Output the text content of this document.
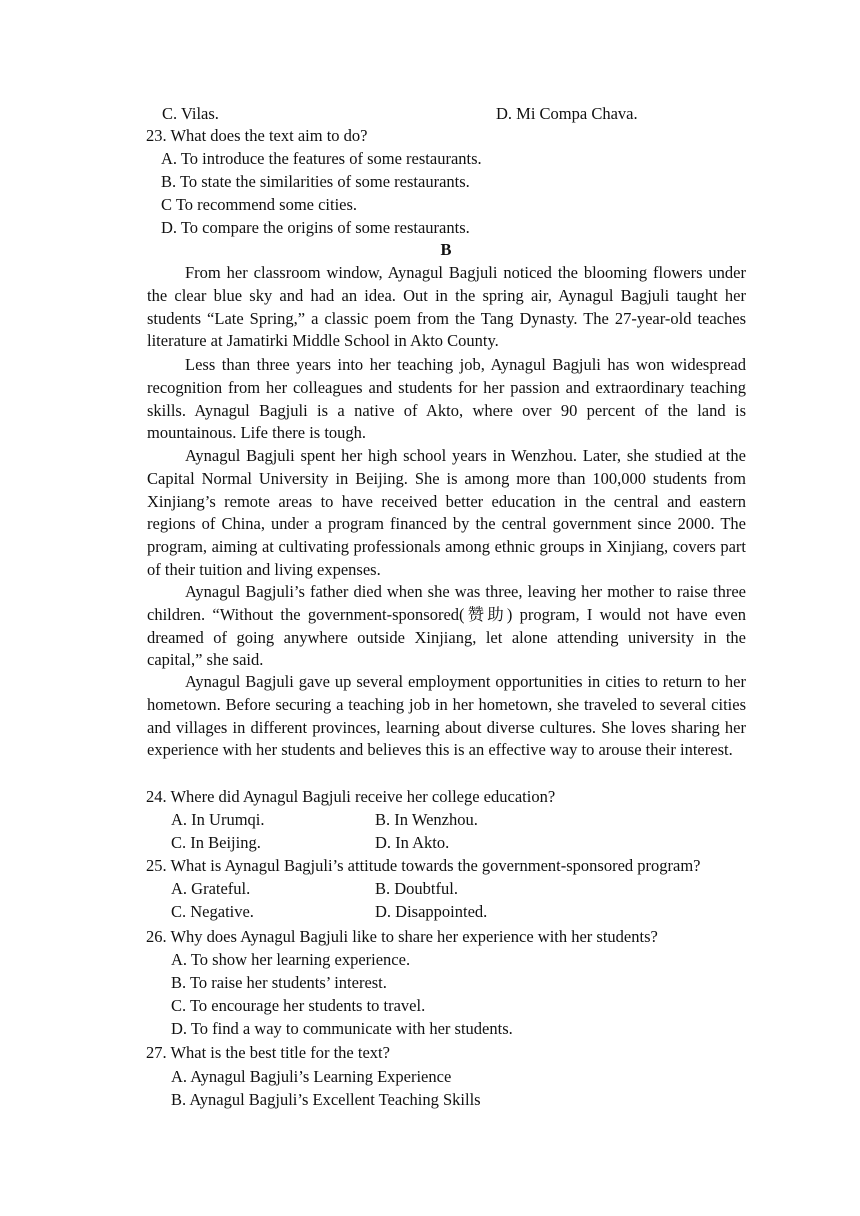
C. Vilas.	D. Mi Compa Chava.
23. What does the text aim to do?
A. To introduce the features of some restaurants.
B. To state the similarities of some restaurants.
C To recommend some cities.
D. To compare the origins of some restaurants.
B

From her classroom window, Aynagul Bagjuli noticed the blooming flowers under the clear blue sky and had an idea. Out in the spring air, Aynagul Bagjuli taught her students “Late Spring,” a classic poem from the Tang Dynasty. The 27-year-old teaches literature at Jamatirki Middle School in Akto County.

Less than three years into her teaching job, Aynagul Bagjuli has won widespread recognition from her colleagues and students for her passion and extraordinary teaching skills. Aynagul Bagjuli is a native of Akto, where over 90 percent of the land is mountainous. Life there is tough.

Aynagul Bagjuli spent her high school years in Wenzhou. Later, she studied at the Capital Normal University in Beijing. She is among more than 100,000 students from Xinjiang’s remote areas to have received better education in the central and eastern regions of China, under a program financed by the central government since 2000. The program, aiming at cultivating professionals among ethnic groups in Xinjiang, covers part of their tuition and living expenses.

Aynagul Bagjuli’s father died when she was three, leaving her mother to raise three children. “Without the government-sponsored(赞助) program, I would not have even dreamed of going anywhere outside Xinjiang, let alone attending university in the capital,” she said.

Aynagul Bagjuli gave up several employment opportunities in cities to return to her hometown. Before securing a teaching job in her hometown, she traveled to several cities and villages in different provinces, learning about diverse cultures. She loves sharing her experience with her students and believes this is an effective way to arouse their interest.

24. Where did Aynagul Bagjuli receive her college education?
A. In Urumqi.	B. In Wenzhou.
C. In Beijing.	D. In Akto.
25. What is Aynagul Bagjuli’s attitude towards the government-sponsored program?
A. Grateful.	B. Doubtful.
C. Negative.	D. Disappointed.
26. Why does Aynagul Bagjuli like to share her experience with her students?
A. To show her learning experience.
B. To raise her students’ interest.
C. To encourage her students to travel.
D. To find a way to communicate with her students.
27. What is the best title for the text?
A. Aynagul Bagjuli’s Learning Experience
B. Aynagul Bagjuli’s Excellent Teaching Skills
